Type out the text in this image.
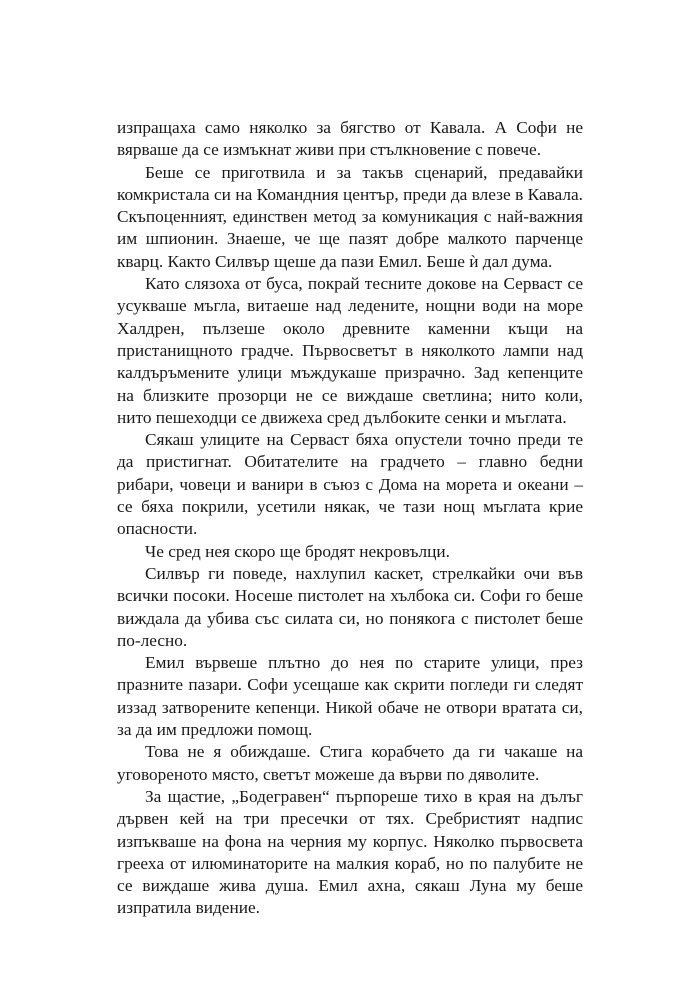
изпращаха само няколко за бягство от Кавала. А Софи не вярваше да се измъкнат живи при стълкновение с повече.

Беше се приготвила и за такъв сценарий, предавайки комкристала си на Командния център, преди да влезе в Кавала. Скъпоценният, единствен метод за комуникация с най-важния им шпионин. Знаеше, че ще пазят добре малкото парченце кварц. Както Силвър щеше да пази Емил. Беше ѝ дал дума.

Като слязоха от буса, покрай тесните докове на Серваст се усукваше мъгла, витаеше над ледените, нощни води на море Халдрен, пълзеше около древните каменни къщи на пристанищното градче. Първосветът в няколкото лампи над калдъръмените улици мъждукаше призрачно. Зад кепенците на близките прозорци не се виждаше светлина; нито коли, нито пешеходци се движеха сред дълбоките сенки и мъглата.

Сякаш улиците на Серваст бяха опустели точно преди те да пристигнат. Обитателите на градчето – главно бедни рибари, човеци и ванири в съюз с Дома на морета и океани – се бяха покрили, усетили някак, че тази нощ мъглата крие опасности.

Че сред нея скоро ще бродят некровълци.

Силвър ги поведе, нахлупил каскет, стрелкайки очи във всички посоки. Носеше пистолет на хълбока си. Софи го беше виждала да убива със силата си, но понякога с пистолет беше по-лесно.

Емил вървеше плътно до нея по старите улици, през празните пазари. Софи усещаше как скрити погледи ги следят иззад затворените кепенци. Никой обаче не отвори вратата си, за да им предложи помощ.

Това не я обиждаше. Стига корабчето да ги чакаше на уговореното място, светът можеше да върви по дяволите.

За щастие, „Бодегравен“ пърпореше тихо в края на дълъг дървен кей на три пресечки от тях. Сребристият надпис изпъкваше на фона на черния му корпус. Няколко първосвета греехa от илюминаторите на малкия кораб, но по палубите не се виждаше жива душа. Емил ахна, сякаш Луна му беше изпратила видение.
